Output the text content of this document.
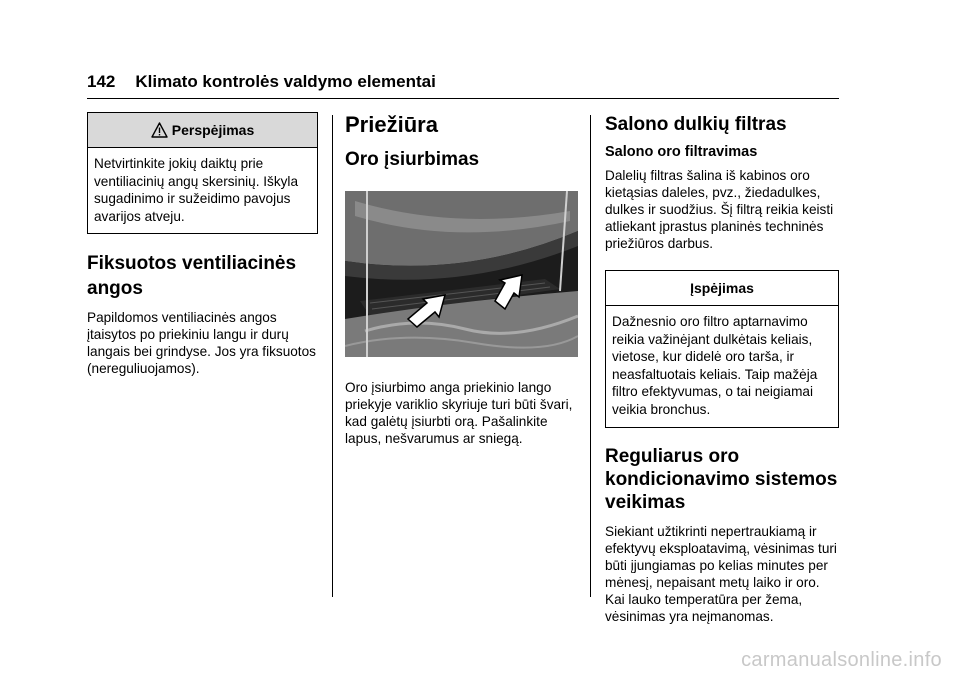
142 Klimato kontrolės valdymo elementai
Perspėjimas
Netvirtinkite jokių daiktų prie ventiliacinių angų skersinių. Iškyla sugadinimo ir sužeidimo pavojus avarijos atveju.
Fiksuotos ventiliacinės angos

Papildomos ventiliacinės angos įtaisytos po priekiniu langu ir durų langais bei grindyse. Jos yra fiksuotos (nereguliuojamos).

Priežiūra
Oro įsiurbimas

Oro įsiurbimo anga priekinio lango priekyje variklio skyriuje turi būti švari, kad galėtų įsiurbti orą. Pašalinkite lapus, nešvarumus ar sniegą.

Salono dulkių filtras
Salono oro filtravimas

Dalelių filtras šalina iš kabinos oro kietąsias daleles, pvz., žiedadulkes, dulkes ir suodžius. Šį filtrą reikia keisti atliekant įprastus planinės techninės priežiūros darbus.

Įspėjimas
Dažnesnio oro filtro aptarnavimo reikia važinėjant dulkėtais keliais, vietose, kur didelė oro tarša, ir neasfaltuotais keliais. Taip mažėja filtro efektyvumas, o tai neigiamai veikia bronchus.
Reguliarus oro kondicionavimo sistemos veikimas

Siekiant užtikrinti nepertraukiamą ir efektyvų eksploatavimą, vėsinimas turi būti įjungiamas po kelias minutes per mėnesį, nepaisant metų laiko ir oro. Kai lauko temperatūra per žema, vėsinimas yra neįmanomas.

carmanualsonline.info
